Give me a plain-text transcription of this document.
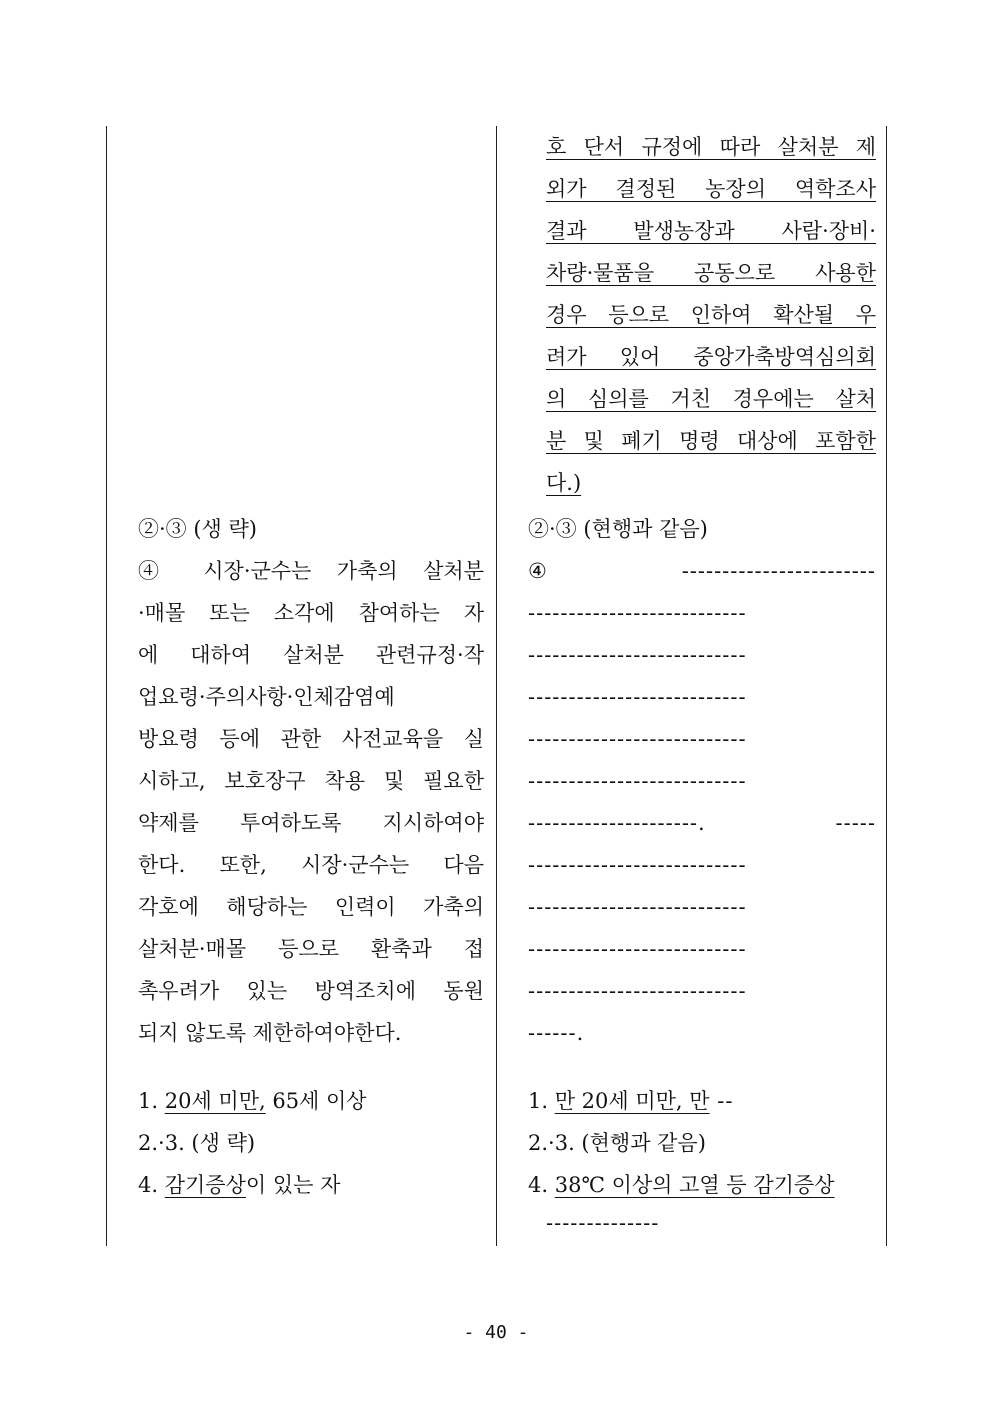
②·③ (생 략)
④ 시장·군수는 가축의 살처분
·매몰 또는 소각에 참여하는 자
에 대하여 살처분 관련규정·작
업요령·주의사항·인체감염예
방요령 등에 관한 사전교육을 실
시하고, 보호장구 착용 및 필요한
약제를 투여하도록 지시하여야
한다. 또한, 시장·군수는 다음
각호에 해당하는 인력이 가축의
살처분·매몰 등으로 환축과 접
촉우려가 있는 방역조치에 동원
되지 않도록 제한하여야한다.
1. 20세 미만, 65세 이상
2.·3. (생 략)
4. 감기증상이 있는 자
호 단서 규정에 따라 살처분 제
외가 결정된 농장의 역학조사
결과 발생농장과 사람·장비·
차량·물품을 공동으로 사용한
경우 등으로 인하여 확산될 우
려가 있어 중앙가축방역심의회
의 심의를 거친 경우에는 살처
분 및 폐기 명령 대상에 포함한
다.)
②·③ (현행과 같음)
④ ------------------------
---------------------------
---------------------------
---------------------------
---------------------------
---------------------------
---------------------. -----
---------------------------
---------------------------
---------------------------
---------------------------
------.
1. 만 20세 미만, 만 --
2.·3. (현행과 같음)
4. 38℃ 이상의 고열 등 감기증상
--------------
- 40 -
